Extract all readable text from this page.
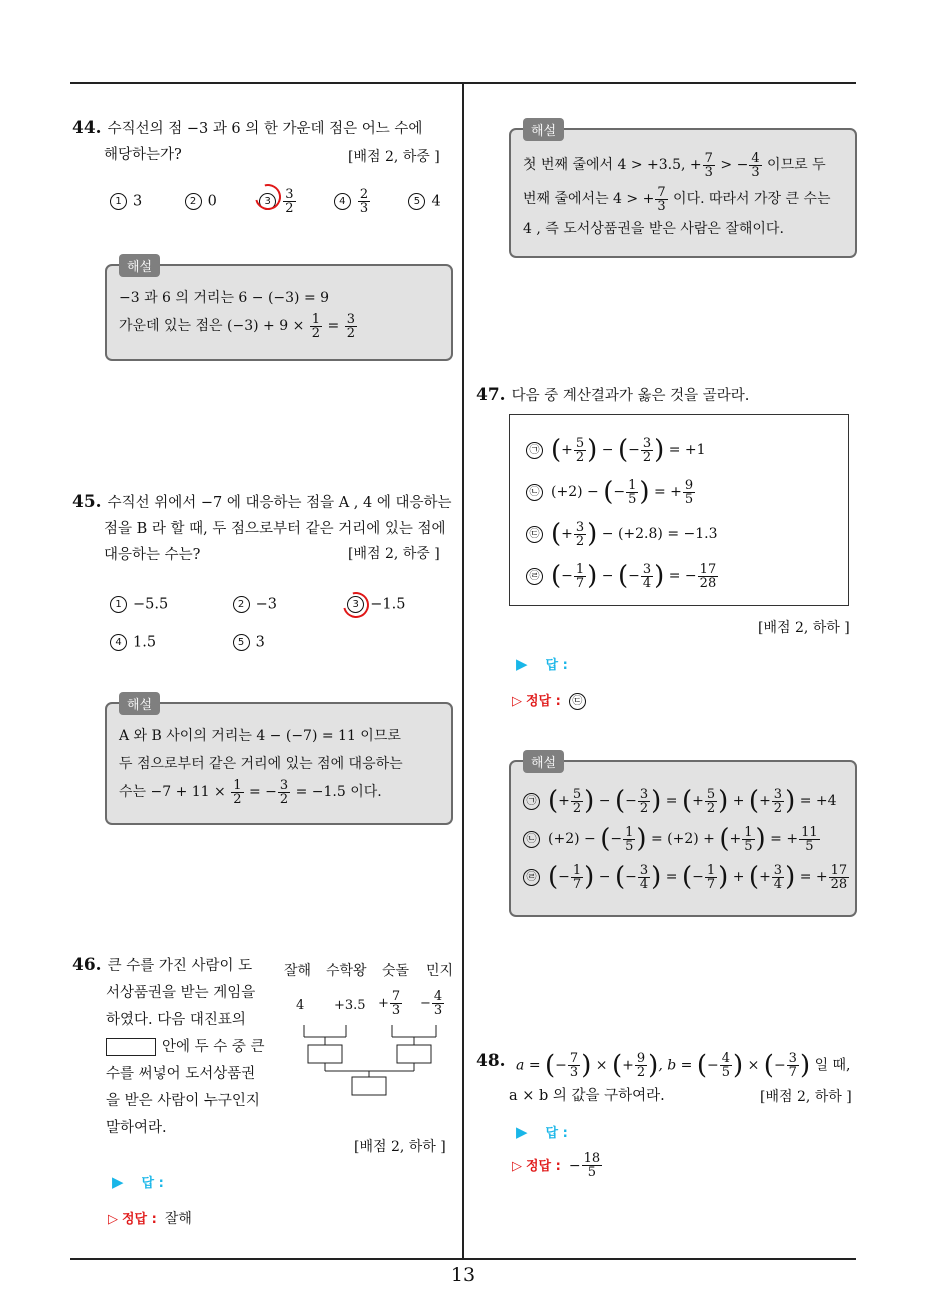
44. 수직선의 점 −3 과 6 의 한 가운데 점은 어느 수에
해당하는가?	[배점 2, 하중 ]
1 3	2 0	$3 \frac{3}{2}$	$4 \frac{2}{3}$	5 4
해설
−3 과 6 의 거리는 6 − (−3) = 9
가운데 있는 점은 $(-3) + 9 \times \frac{1}{2} = \frac{3}{2}$
45. 수직선 위에서 −7 에 대응하는 점을 A , 4 에 대응하는
점을 B 라 할 때, 두 점으로부터 같은 거리에 있는 점에
대응하는 수는?	[배점 2, 하중 ]
1 −5.5	2 −3	3 −1.5
4 1.5	5 3
해설
A 와 B 사이의 거리는 4 − (−7) = 11 이므로
두 점으로부터 같은 거리에 있는 점에 대응하는
수는 $-7 + 11 \times \frac{1}{2}$ = − $\frac{3}{2} = -1.5$ 이다.
46. 큰 수를 가진 사람이 도
서상품권을 받는 게임을
하였다. 다음 대진표의
안에 두 수 중 큰
수를 써넣어 도서상품권
을 받은 사람이 누구인지
말하여라.
잘해 수학왕 숫돌 민지
$4 +3.5 + \frac{7}{3} - \frac{4}{3}$
[배점 2, 하하 ]
▶ 답 :
▷ 정답 : 잘해
해설
첫 번째 줄에서 4 > +3.5, + $\frac{7}{3}$ > − $\frac{4}{3}$ 이므로 두
번째 줄에서는 4 > + $\frac{7}{3}$ 이다. 따라서 가장 큰 수는
4 , 즉 도서상품권을 받은 사람은 잘해이다.
47. 다음 중 계산결과가 옳은 것을 골라라.
㉠ (+ $\frac{5}{2}$ ) − (− $\frac{3}{2}$ ) = +1
㉡ (+2) − (− $\frac{1}{5}$ ) = + $\frac{9}{5}$
㉢ (+ $\frac{3}{2}$ ) − (+2.8) = −1.3
㉣ (− $\frac{1}{7}$ ) − (− $\frac{3}{4}$ ) = − $\frac{17}{28}$
[배점 2, 하하 ]
▶ 답 :
▷ 정답 : ㉢
해설
㉠ (+ $\frac{5}{2}$ ) − (− $\frac{3}{2}$ ) = (+ $\frac{5}{2}$ ) + (+ $\frac{3}{2}$ ) = +4
㉡ (+2) − (− $\frac{1}{5}$ ) = (+2) + (+ $\frac{1}{5}$ ) = + $\frac{11}{5}$
㉣ (− $\frac{1}{7}$ ) − (− $\frac{3}{4}$ ) = (− $\frac{1}{7}$ ) + (+ $\frac{3}{4}$ ) = + $\frac{17}{28}$
48. a = (− $\frac{7}{3}$ ) × (+ $\frac{9}{2}$ ), b = (− $\frac{4}{5}$ ) × (− $\frac{3}{7}$ ) 일 때,
a × b 의 값을 구하여라.	[배점 2, 하하 ]
▶ 답 :
▷ 정답 : − $\frac{18}{5}$
13
